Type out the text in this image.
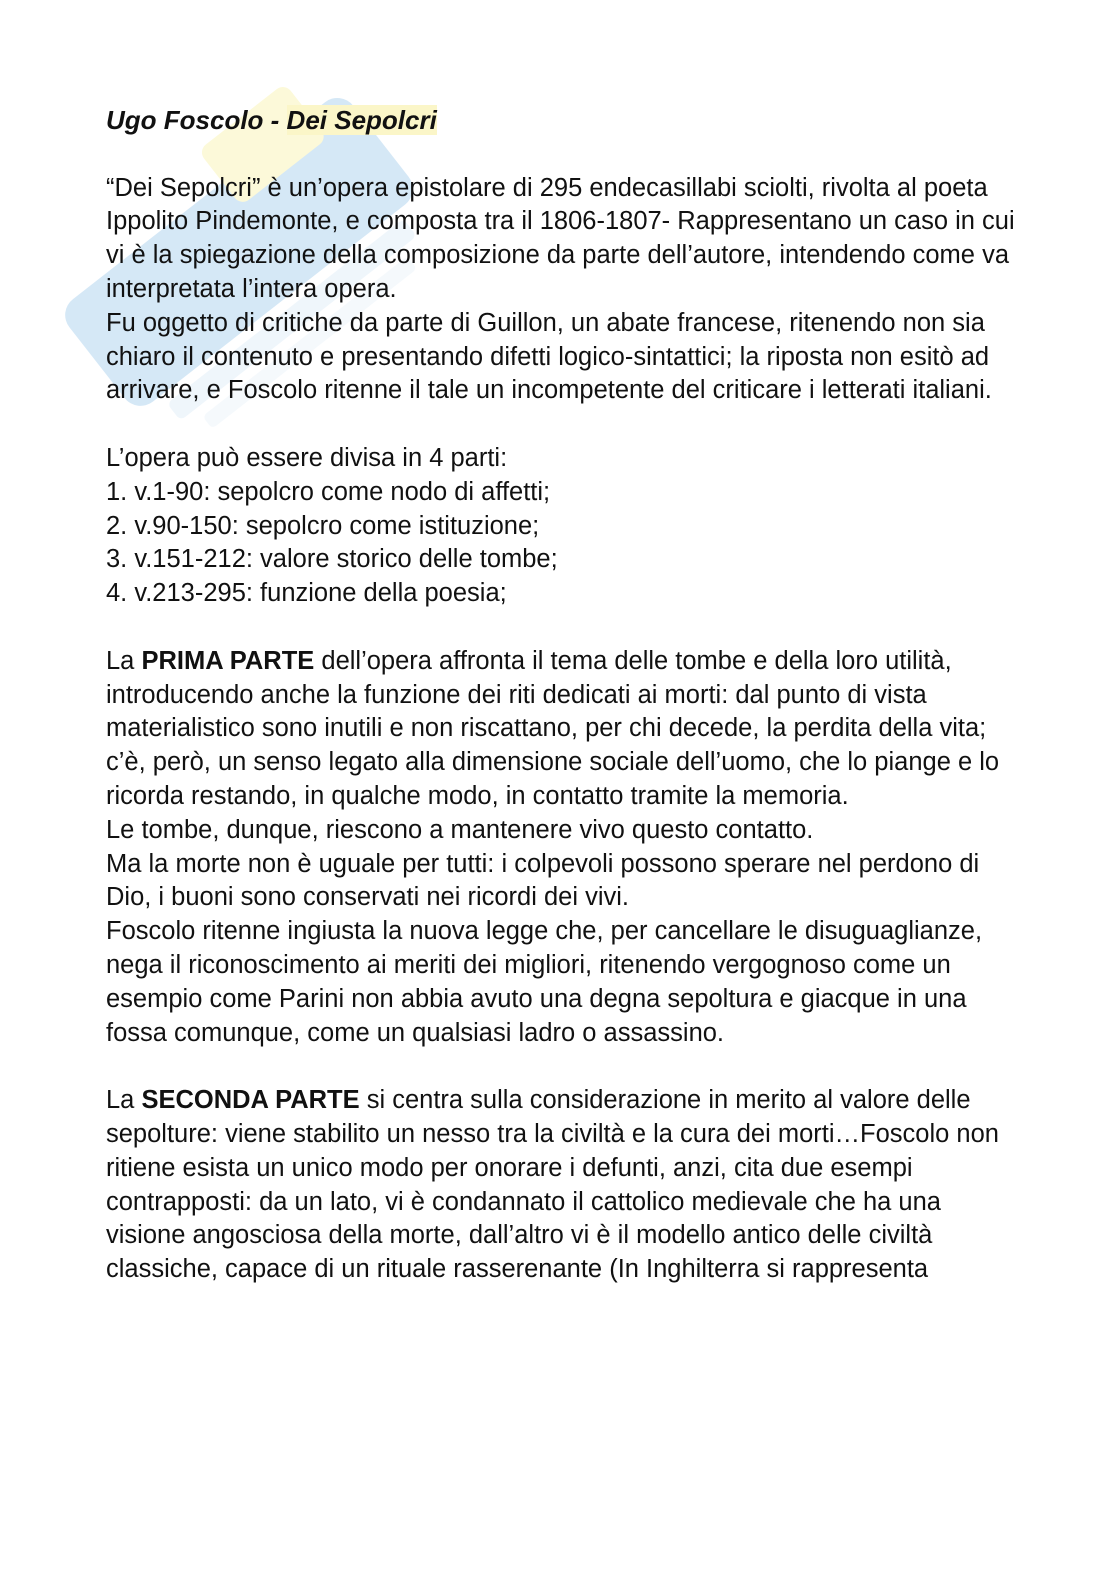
Ugo Foscolo - Dei Sepolcri

“Dei Sepolcri” è un’opera epistolare di 295 endecasillabi sciolti, rivolta al poeta Ippolito Pindemonte, e composta tra il 1806-1807- Rappresentano un caso in cui vi è la spiegazione della composizione da parte dell’autore, intendendo come va interpretata l’intera opera.

Fu oggetto di critiche da parte di Guillon, un abate francese, ritenendo non sia chiaro il contenuto e presentando difetti logico-sintattici; la riposta non esitò ad arrivare, e Foscolo ritenne il tale un incompetente del criticare i letterati italiani.

L’opera può essere divisa in 4 parti:

1. v.1-90: sepolcro come nodo di affetti;
2. v.90-150: sepolcro come istituzione;
3. v.151-212: valore storico delle tombe;
4. v.213-295: funzione della poesia;

La PRIMA PARTE dell’opera affronta il tema delle tombe e della loro utilità, introducendo anche la funzione dei riti dedicati ai morti: dal punto di vista materialistico sono inutili e non riscattano, per chi decede, la perdita della vita; c’è, però, un senso legato alla dimensione sociale dell’uomo, che lo piange e lo ricorda restando, in qualche modo, in contatto tramite la memoria.

Le tombe, dunque, riescono a mantenere vivo questo contatto.

Ma la morte non è uguale per tutti: i colpevoli possono sperare nel perdono di Dio, i buoni sono conservati nei ricordi dei vivi.

Foscolo ritenne ingiusta la nuova legge che, per cancellare le disuguaglianze, nega il riconoscimento ai meriti dei migliori, ritenendo vergognoso come un esempio come Parini non abbia avuto una degna sepoltura e giacque in una fossa comunque, come un qualsiasi ladro o assassino.

La SECONDA PARTE si centra sulla considerazione in merito al valore delle sepolture: viene stabilito un nesso tra la civiltà e la cura dei morti…Foscolo non ritiene esista un unico modo per onorare i defunti, anzi, cita due esempi contrapposti: da un lato, vi è condannato il cattolico medievale che ha una visione angosciosa della morte, dall’altro vi è il modello antico delle civiltà classiche, capace di un rituale rasserenante (In Inghilterra si rappresenta
